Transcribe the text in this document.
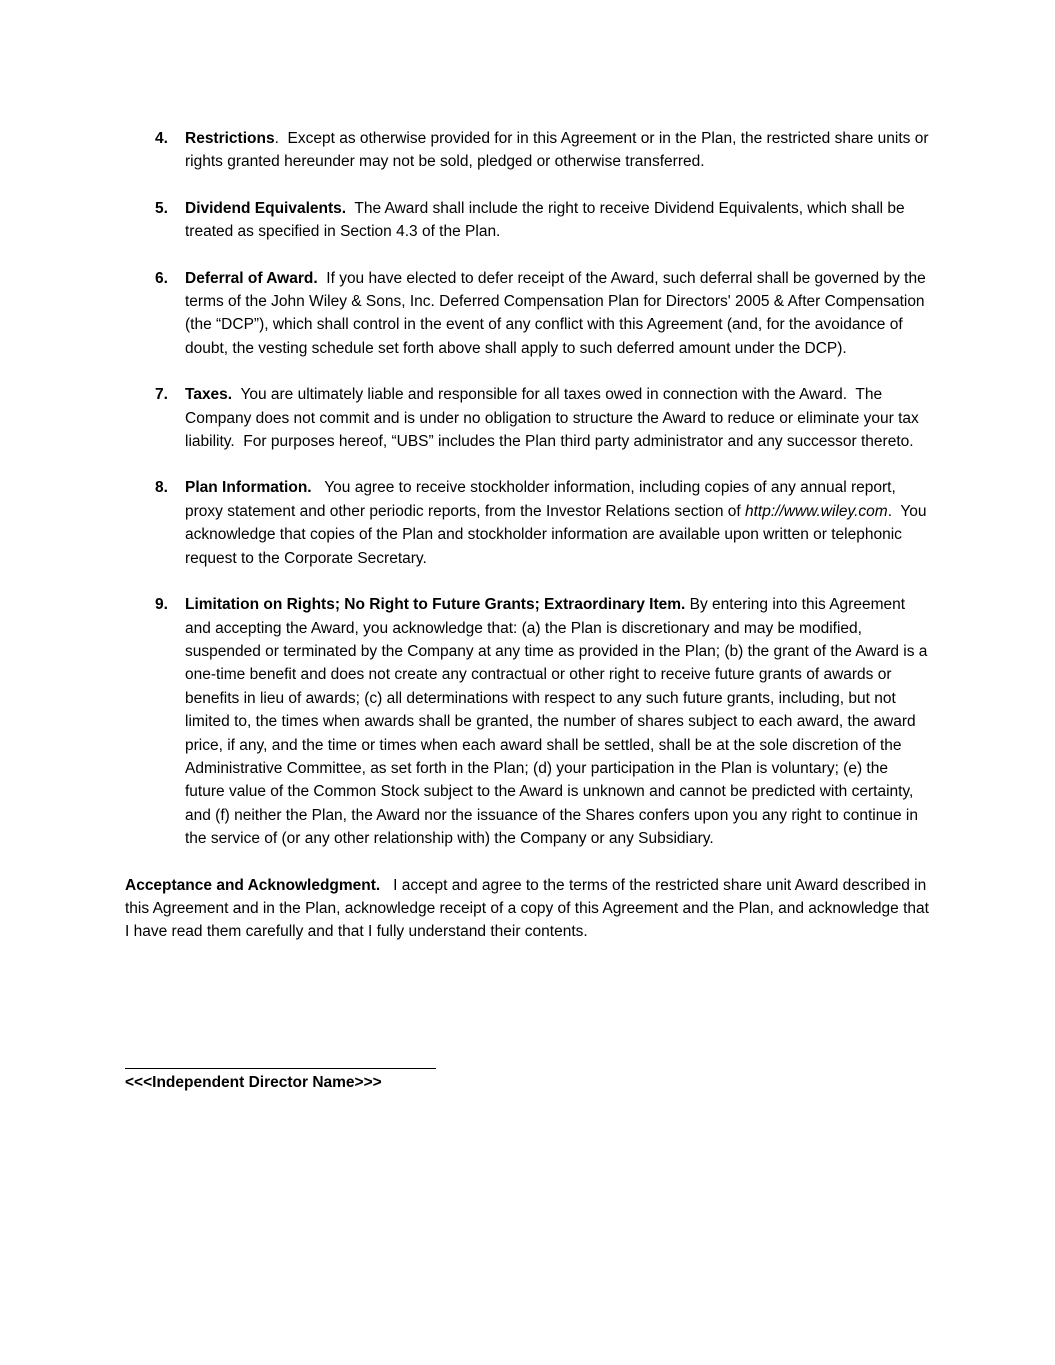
4. Restrictions.  Except as otherwise provided for in this Agreement or in the Plan, the restricted share units or rights granted hereunder may not be sold, pledged or otherwise transferred.
5. Dividend Equivalents.  The Award shall include the right to receive Dividend Equivalents, which shall be treated as specified in Section 4.3 of the Plan.
6. Deferral of Award.  If you have elected to defer receipt of the Award, such deferral shall be governed by the terms of the John Wiley & Sons, Inc. Deferred Compensation Plan for Directors' 2005 & After Compensation (the “DCP”), which shall control in the event of any conflict with this Agreement (and, for the avoidance of doubt, the vesting schedule set forth above shall apply to such deferred amount under the DCP).
7. Taxes.  You are ultimately liable and responsible for all taxes owed in connection with the Award.  The Company does not commit and is under no obligation to structure the Award to reduce or eliminate your tax liability.  For purposes hereof, “UBS” includes the Plan third party administrator and any successor thereto.
8. Plan Information.   You agree to receive stockholder information, including copies of any annual report, proxy statement and other periodic reports, from the Investor Relations section of http://www.wiley.com.  You acknowledge that copies of the Plan and stockholder information are available upon written or telephonic request to the Corporate Secretary.
9. Limitation on Rights; No Right to Future Grants; Extraordinary Item. By entering into this Agreement and accepting the Award, you acknowledge that: (a) the Plan is discretionary and may be modified, suspended or terminated by the Company at any time as provided in the Plan; (b) the grant of the Award is a one-time benefit and does not create any contractual or other right to receive future grants of awards or benefits in lieu of awards; (c) all determinations with respect to any such future grants, including, but not limited to, the times when awards shall be granted, the number of shares subject to each award, the award price, if any, and the time or times when each award shall be settled, shall be at the sole discretion of the Administrative Committee, as set forth in the Plan; (d) your participation in the Plan is voluntary; (e) the future value of the Common Stock subject to the Award is unknown and cannot be predicted with certainty, and (f) neither the Plan, the Award nor the issuance of the Shares confers upon you any right to continue in the service of (or any other relationship with) the Company or any Subsidiary.
Acceptance and Acknowledgment.   I accept and agree to the terms of the restricted share unit Award described in this Agreement and in the Plan, acknowledge receipt of a copy of this Agreement and the Plan, and acknowledge that I have read them carefully and that I fully understand their contents.
<<<Independent Director Name>>>
